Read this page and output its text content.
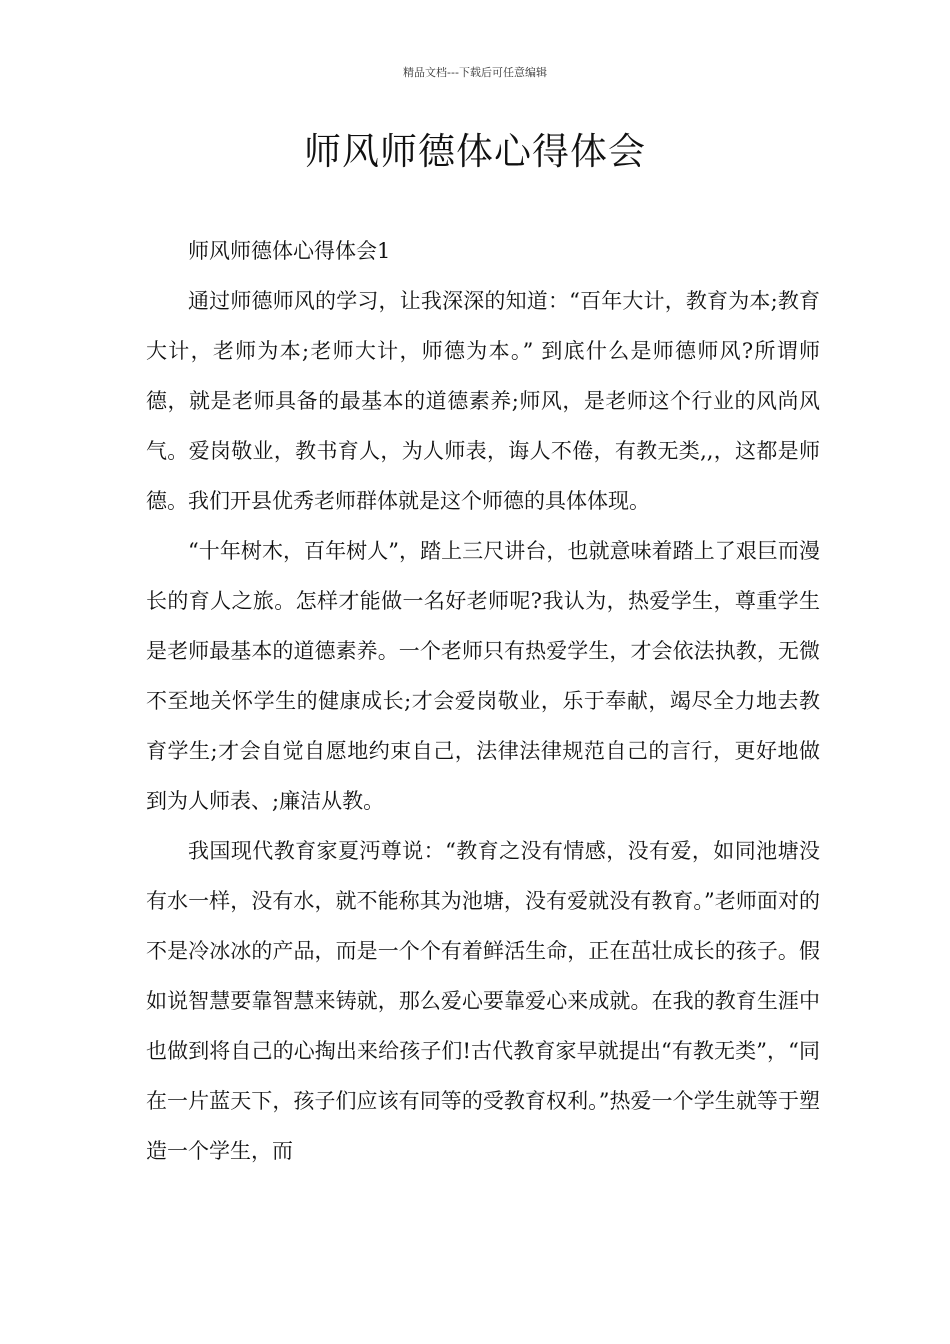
精品文档---下载后可任意编辑
师风师德体心得体会

师风师德体心得体会1

通过师德师风的学习，让我深深的知道：“百年大计，教育为本;教育大计，老师为本;老师大计，师德为本。” 到底什么是师德师风?所谓师德，就是老师具备的最基本的道德素养;师风，是老师这个行业的风尚风气。爱岗敬业，教书育人，为人师表，诲人不倦，有教无类,,，这都是师德。我们开县优秀老师群体就是这个师德的具体体现。

“十年树木，百年树人”，踏上三尺讲台，也就意味着踏上了艰巨而漫长的育人之旅。怎样才能做一名好老师呢?我认为，热爱学生，尊重学生是老师最基本的道德素养。一个老师只有热爱学生，才会依法执教，无微不至地关怀学生的健康成长;才会爱岗敬业，乐于奉献，竭尽全力地去教育学生;才会自觉自愿地约束自己，法律法律规范自己的言行，更好地做到为人师表、;廉洁从教。

我国现代教育家夏沔尊说：“教育之没有情感，没有爱，如同池塘没有水一样，没有水，就不能称其为池塘，没有爱就没有教育。”老师面对的不是冷冰冰的产品，而是一个个有着鲜活生命，正在茁壮成长的孩子。假如说智慧要靠智慧来铸就，那么爱心要靠爱心来成就。在我的教育生涯中也做到将自己的心掏出来给孩子们!古代教育家早就提出“有教无类”，“同在一片蓝天下，孩子们应该有同等的受教育权利。”热爱一个学生就等于塑造一个学生，而
